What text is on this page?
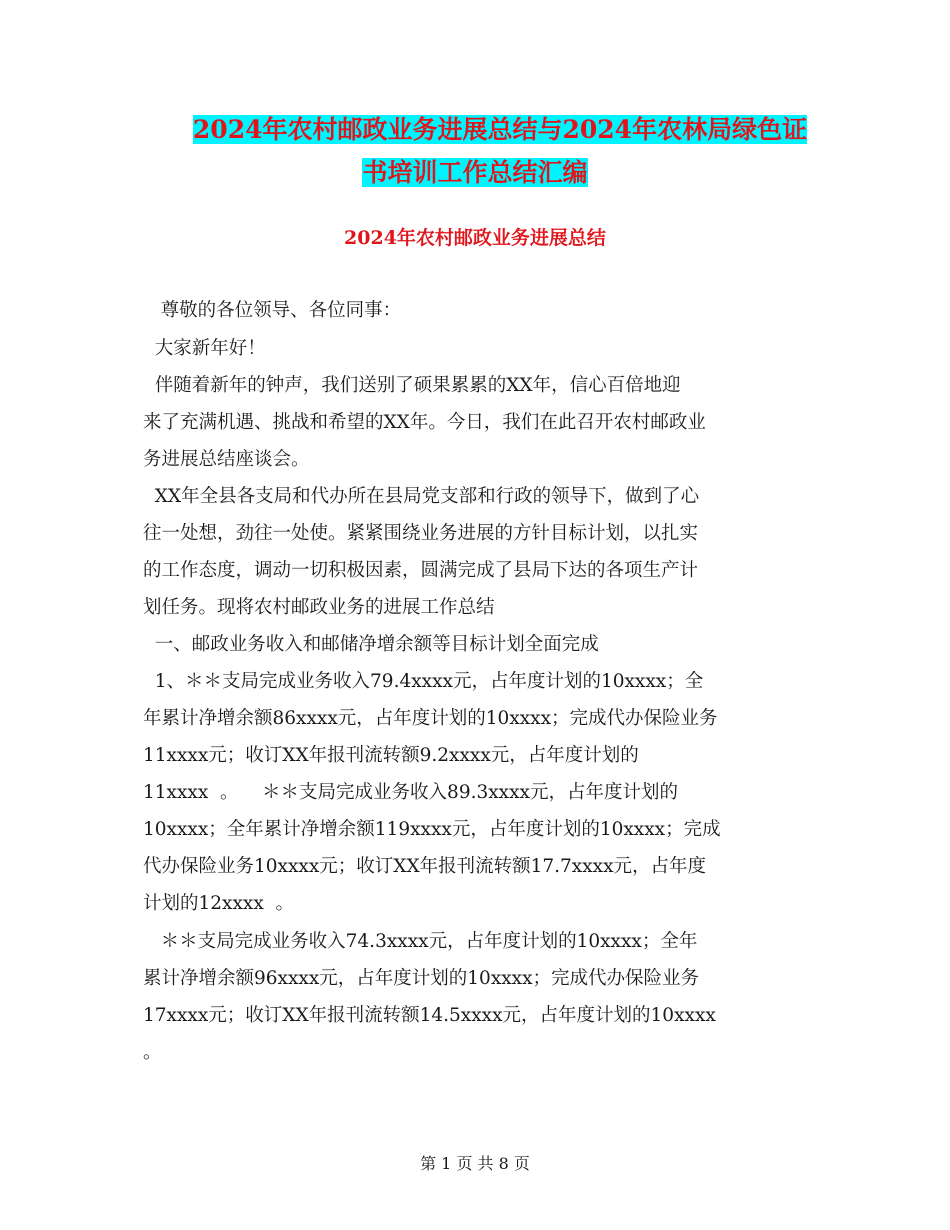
2024年农村邮政业务进展总结与2024年农林局绿色证
书培训工作总结汇编
2024年农村邮政业务进展总结
尊敬的各位领导、各位同事：
大家新年好！
伴随着新年的钟声，我们送别了硕果累累的XX年，信心百倍地迎
来了充满机遇、挑战和希望的XX年。今日，我们在此召开农村邮政业
务进展总结座谈会。
XX年全县各支局和代办所在县局党支部和行政的领导下，做到了心
往一处想，劲往一处使。紧紧围绕业务进展的方针目标计划，以扎实
的工作态度，调动一切积极因素，圆满完成了县局下达的各项生产计
划任务。现将农村邮政业务的进展工作总结
一、邮政业务收入和邮储净增余额等目标计划全面完成
1、＊＊支局完成业务收入79.4xxxx元，占年度计划的10xxxx；全
年累计净增余额86xxxx元，占年度计划的10xxxx；完成代办保险业务
11xxxx元；收订XX年报刊流转额9.2xxxx元，占年度计划的
11xxxx  。    ＊＊支局完成业务收入89.3xxxx元，占年度计划的
10xxxx；全年累计净增余额119xxxx元，占年度计划的10xxxx；完成
代办保险业务10xxxx元；收订XX年报刊流转额17.7xxxx元，占年度
计划的12xxxx  。
＊＊支局完成业务收入74.3xxxx元，占年度计划的10xxxx；全年
累计净增余额96xxxx元，占年度计划的10xxxx；完成代办保险业务
17xxxx元；收订XX年报刊流转额14.5xxxx元，占年度计划的10xxxx
。
第 1 页 共 8 页
